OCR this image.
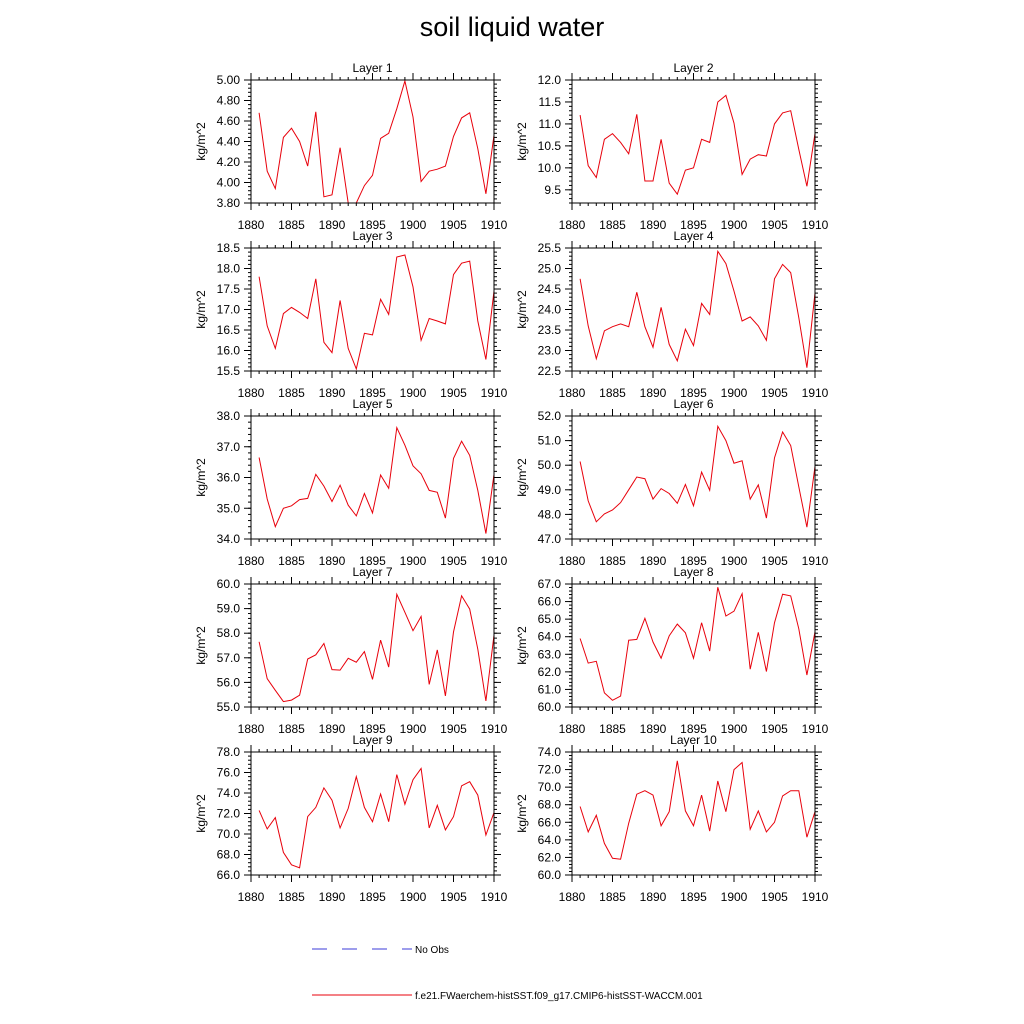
soil liquid water
Layer 1
kg/m^2
3.80
4.00
4.20
4.40
4.60
4.80
5.00
1880 1885 1890 1895 1900 1905 1910
Layer 2
kg/m^2
9.5
10.0
10.5
11.0
11.5
12.0
1880 1885 1890 1895 1900 1905 1910
Layer 3
kg/m^2
15.5
16.0
16.5
17.0
17.5
18.0
18.5
1880 1885 1890 1895 1900 1905 1910
Layer 4
kg/m^2
22.5
23.0
23.5
24.0
24.5
25.0
25.5
1880 1885 1890 1895 1900 1905 1910
Layer 5
kg/m^2
34.0
35.0
36.0
37.0
38.0
1880 1885 1890 1895 1900 1905 1910
Layer 6
kg/m^2
47.0
48.0
49.0
50.0
51.0
52.0
1880 1885 1890 1895 1900 1905 1910
Layer 7
kg/m^2
55.0
56.0
57.0
58.0
59.0
60.0
1880 1885 1890 1895 1900 1905 1910
Layer 8
kg/m^2
60.0
61.0
62.0
63.0
64.0
65.0
66.0
67.0
1880 1885 1890 1895 1900 1905 1910
Layer 9
kg/m^2
66.0
68.0
70.0
72.0
74.0
76.0
78.0
1880 1885 1890 1895 1900 1905 1910
Layer 10
kg/m^2
60.0
62.0
64.0
66.0
68.0
70.0
72.0
74.0
1880 1885 1890 1895 1900 1905 1910
No Obs
f.e21.FWaerchem-histSST.f09_g17.CMIP6-histSST-WACCM.001
